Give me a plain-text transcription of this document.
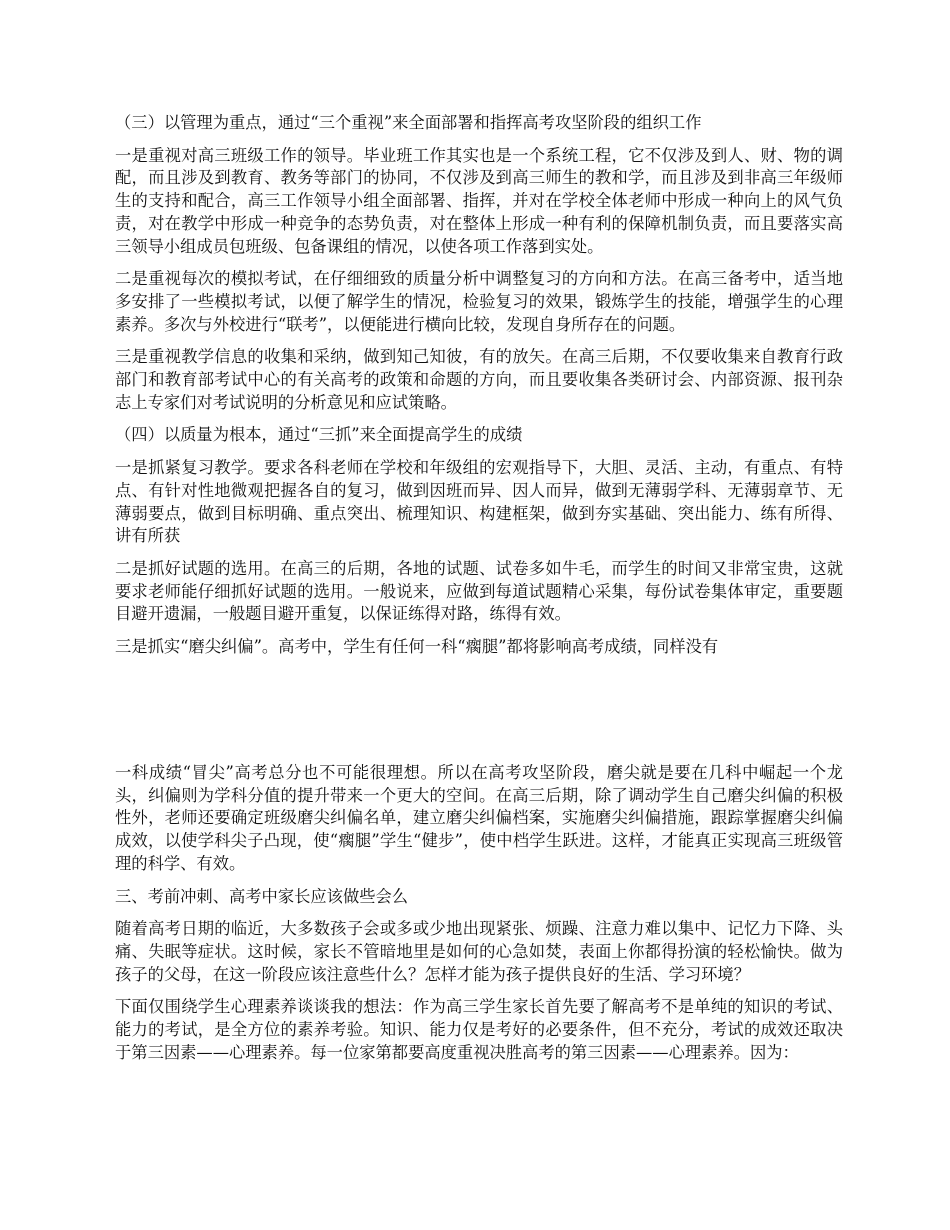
（三）以管理为重点，通过“三个重视”来全面部署和指挥高考攻坚阶段的组织工作

一是重视对高三班级工作的领导。毕业班工作其实也是一个系统工程，它不仅涉及到人、财、物的调配，而且涉及到教育、教务等部门的协同，不仅涉及到高三师生的教和学，而且涉及到非高三年级师生的支持和配合，高三工作领导小组全面部署、指挥，并对在学校全体老师中形成一种向上的风气负责，对在教学中形成一种竞争的态势负责，对在整体上形成一种有利的保障机制负责，而且要落实高三领导小组成员包班级、包备课组的情况，以使各项工作落到实处。

二是重视每次的模拟考试，在仔细细致的质量分析中调整复习的方向和方法。在高三备考中，适当地多安排了一些模拟考试，以便了解学生的情况，检验复习的效果，锻炼学生的技能，增强学生的心理素养。多次与外校进行“联考”，以便能进行横向比较，发现自身所存在的问题。

三是重视教学信息的收集和采纳，做到知己知彼，有的放矢。在高三后期，不仅要收集来自教育行政部门和教育部考试中心的有关高考的政策和命题的方向，而且要收集各类研讨会、内部资源、报刊杂志上专家们对考试说明的分析意见和应试策略。

（四）以质量为根本，通过“三抓”来全面提高学生的成绩

一是抓紧复习教学。要求各科老师在学校和年级组的宏观指导下，大胆、灵活、主动，有重点、有特点、有针对性地微观把握各自的复习，做到因班而异、因人而异，做到无薄弱学科、无薄弱章节、无薄弱要点，做到目标明确、重点突出、梳理知识、构建框架，做到夯实基础、突出能力、练有所得、讲有所获

二是抓好试题的选用。在高三的后期，各地的试题、试卷多如牛毛，而学生的时间又非常宝贵，这就要求老师能仔细抓好试题的选用。一般说来，应做到每道试题精心采集，每份试卷集体审定，重要题目避开遗漏，一般题目避开重复，以保证练得对路，练得有效。

三是抓实“磨尖纠偏”。高考中，学生有任何一科“瘸腿”都将影响高考成绩，同样没有

一科成绩“冒尖”高考总分也不可能很理想。所以在高考攻坚阶段，磨尖就是要在几科中崛起一个龙头，纠偏则为学科分值的提升带来一个更大的空间。在高三后期，除了调动学生自己磨尖纠偏的积极性外，老师还要确定班级磨尖纠偏名单，建立磨尖纠偏档案，实施磨尖纠偏措施，跟踪掌握磨尖纠偏成效，以使学科尖子凸现，使“瘸腿”学生“健步”，使中档学生跃进。这样，才能真正实现高三班级管理的科学、有效。

三、考前冲刺、高考中家长应该做些会么

随着高考日期的临近，大多数孩子会或多或少地出现紧张、烦躁、注意力难以集中、记忆力下降、头痛、失眠等症状。这时候，家长不管暗地里是如何的心急如焚，表面上你都得扮演的轻松愉快。做为孩子的父母，在这一阶段应该注意些什么？怎样才能为孩子提供良好的生活、学习环境？

下面仅围绕学生心理素养谈谈我的想法：作为高三学生家长首先要了解高考不是单纯的知识的考试、能力的考试，是全方位的素养考验。知识、能力仅是考好的必要条件，但不充分，考试的成效还取决于第三因素——心理素养。每一位家第都要高度重视决胜高考的第三因素——心理素养。因为：
